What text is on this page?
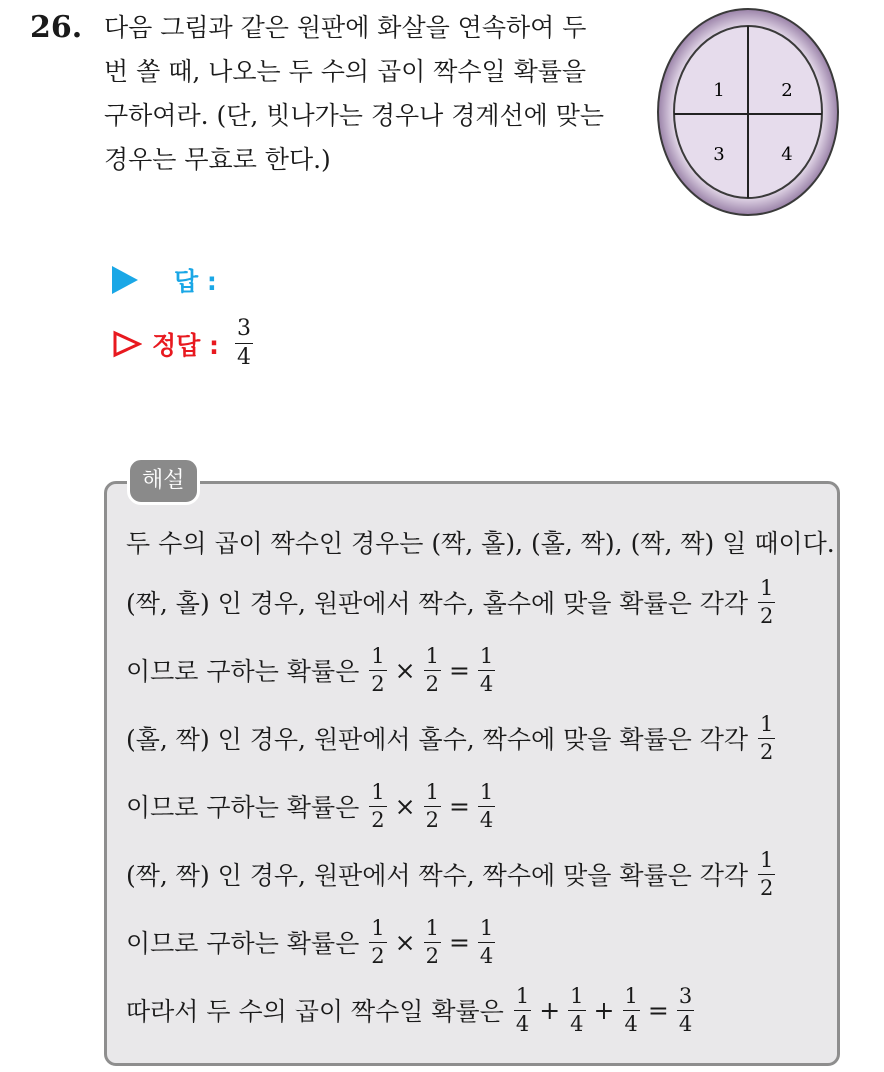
26. 다음 그림과 같은 원판에 화살을 연속하여 두
번 쏠 때, 나오는 두 수의 곱이 짝수일 확률을
구하여라. (단, 빗나가는 경우나 경계선에 맞는
경우는 무효로 한다.)
1	2
3	4
답 :
정답 : $\frac{3}{4}$
해설
두 수의 곱이 짝수인 경우는 (짝, 홀), (홀, 짝), (짝, 짝) 일 때이다.
(짝, 홀) 인 경우, 원판에서 짝수, 홀수에 맞을 확률은 각각 $\frac{1}{2}$
이므로 구하는 확률은 $\frac{1}{2} \times \frac{1}{2} = \frac{1}{4}$
(홀, 짝) 인 경우, 원판에서 홀수, 짝수에 맞을 확률은 각각 $\frac{1}{2}$
이므로 구하는 확률은 $\frac{1}{2} \times \frac{1}{2} = \frac{1}{4}$
(짝, 짝) 인 경우, 원판에서 짝수, 짝수에 맞을 확률은 각각 $\frac{1}{2}$
이므로 구하는 확률은 $\frac{1}{2} \times \frac{1}{2} = \frac{1}{4}$
따라서 두 수의 곱이 짝수일 확률은 $\frac{1}{4} + \frac{1}{4} + \frac{1}{4} = \frac{3}{4}$
